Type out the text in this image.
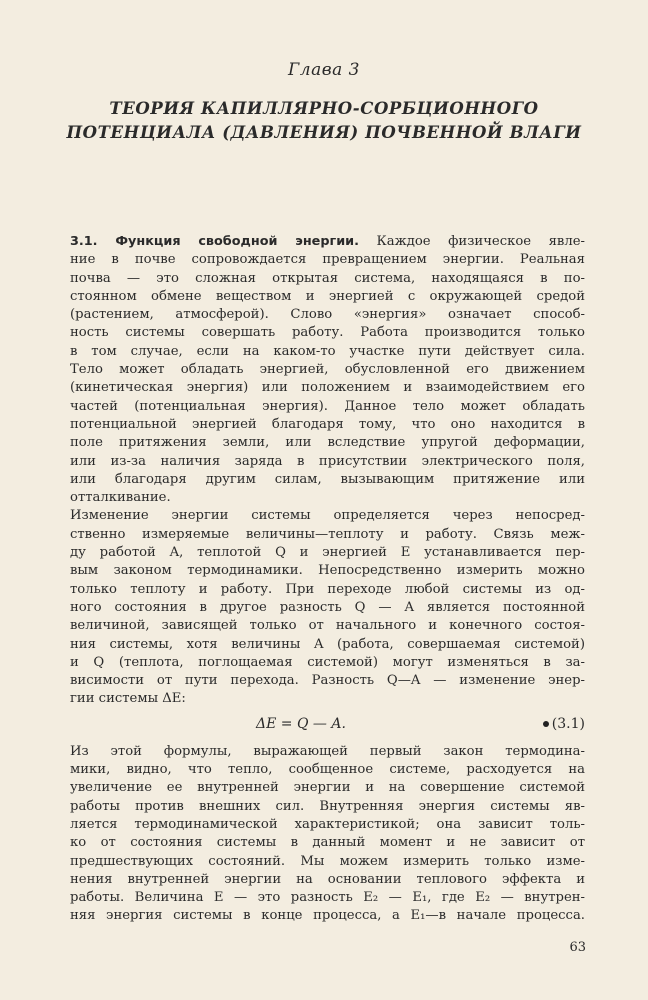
Глава 3
ТЕОРИЯ КАПИЛЛЯРНО-СОРБЦИОННОГО
ПОТЕНЦИАЛА (ДАВЛЕНИЯ) ПОЧВЕННОЙ ВЛАГИ
3.1. Функция свободной энергии. Каждое физическое явле-
ние в почве сопровождается превращением энергии. Реальная
почва — это сложная открытая система, находящаяся в по-
стоянном обмене веществом и энергией с окружающей средой
(растением, атмосферой). Слово «энергия» означает способ-
ность системы совершать работу. Работа производится только
в том случае, если на каком-то участке пути действует сила.
Тело может обладать энергией, обусловленной его движением
(кинетическая энергия) или положением и взаимодействием его
частей (потенциальная энергия). Данное тело может обладать
потенциальной энергией благодаря тому, что оно находится в
поле притяжения земли, или вследствие упругой деформации,
или из-за наличия заряда в присутствии электрического поля,
или благодаря другим силам, вызывающим притяжение или
отталкивание.
Изменение энергии системы определяется через непосред-
ственно измеряемые величины—теплоту и работу. Связь меж-
ду работой A, теплотой Q и энергией E устанавливается пер-
вым законом термодинамики. Непосредственно измерить можно
только теплоту и работу. При переходе любой системы из од-
ного состояния в другое разность Q — A является постоянной
величиной, зависящей только от начального и конечного состоя-
ния системы, хотя величины A (работа, совершаемая системой)
и Q (теплота, поглощаемая системой) могут изменяться в за-
висимости от пути перехода. Разность Q—A — изменение энер-
гии системы ΔE:
ΔE = Q — A.	(3.1)
Из этой формулы, выражающей первый закон термодина-
мики, видно, что тепло, сообщенное системе, расходуется на
увеличение ее внутренней энергии и на совершение системой
работы против внешних сил. Внутренняя энергия системы яв-
ляется термодинамической характеристикой; она зависит толь-
ко от состояния системы в данный момент и не зависит от
предшествующих состояний. Мы можем измерить только изме-
нения внутренней энергии на основании теплового эффекта и
работы. Величина E — это разность E₂ — E₁, где E₂ — внутрен-
няя энергия системы в конце процесса, а E₁—в начале процесса.
63
